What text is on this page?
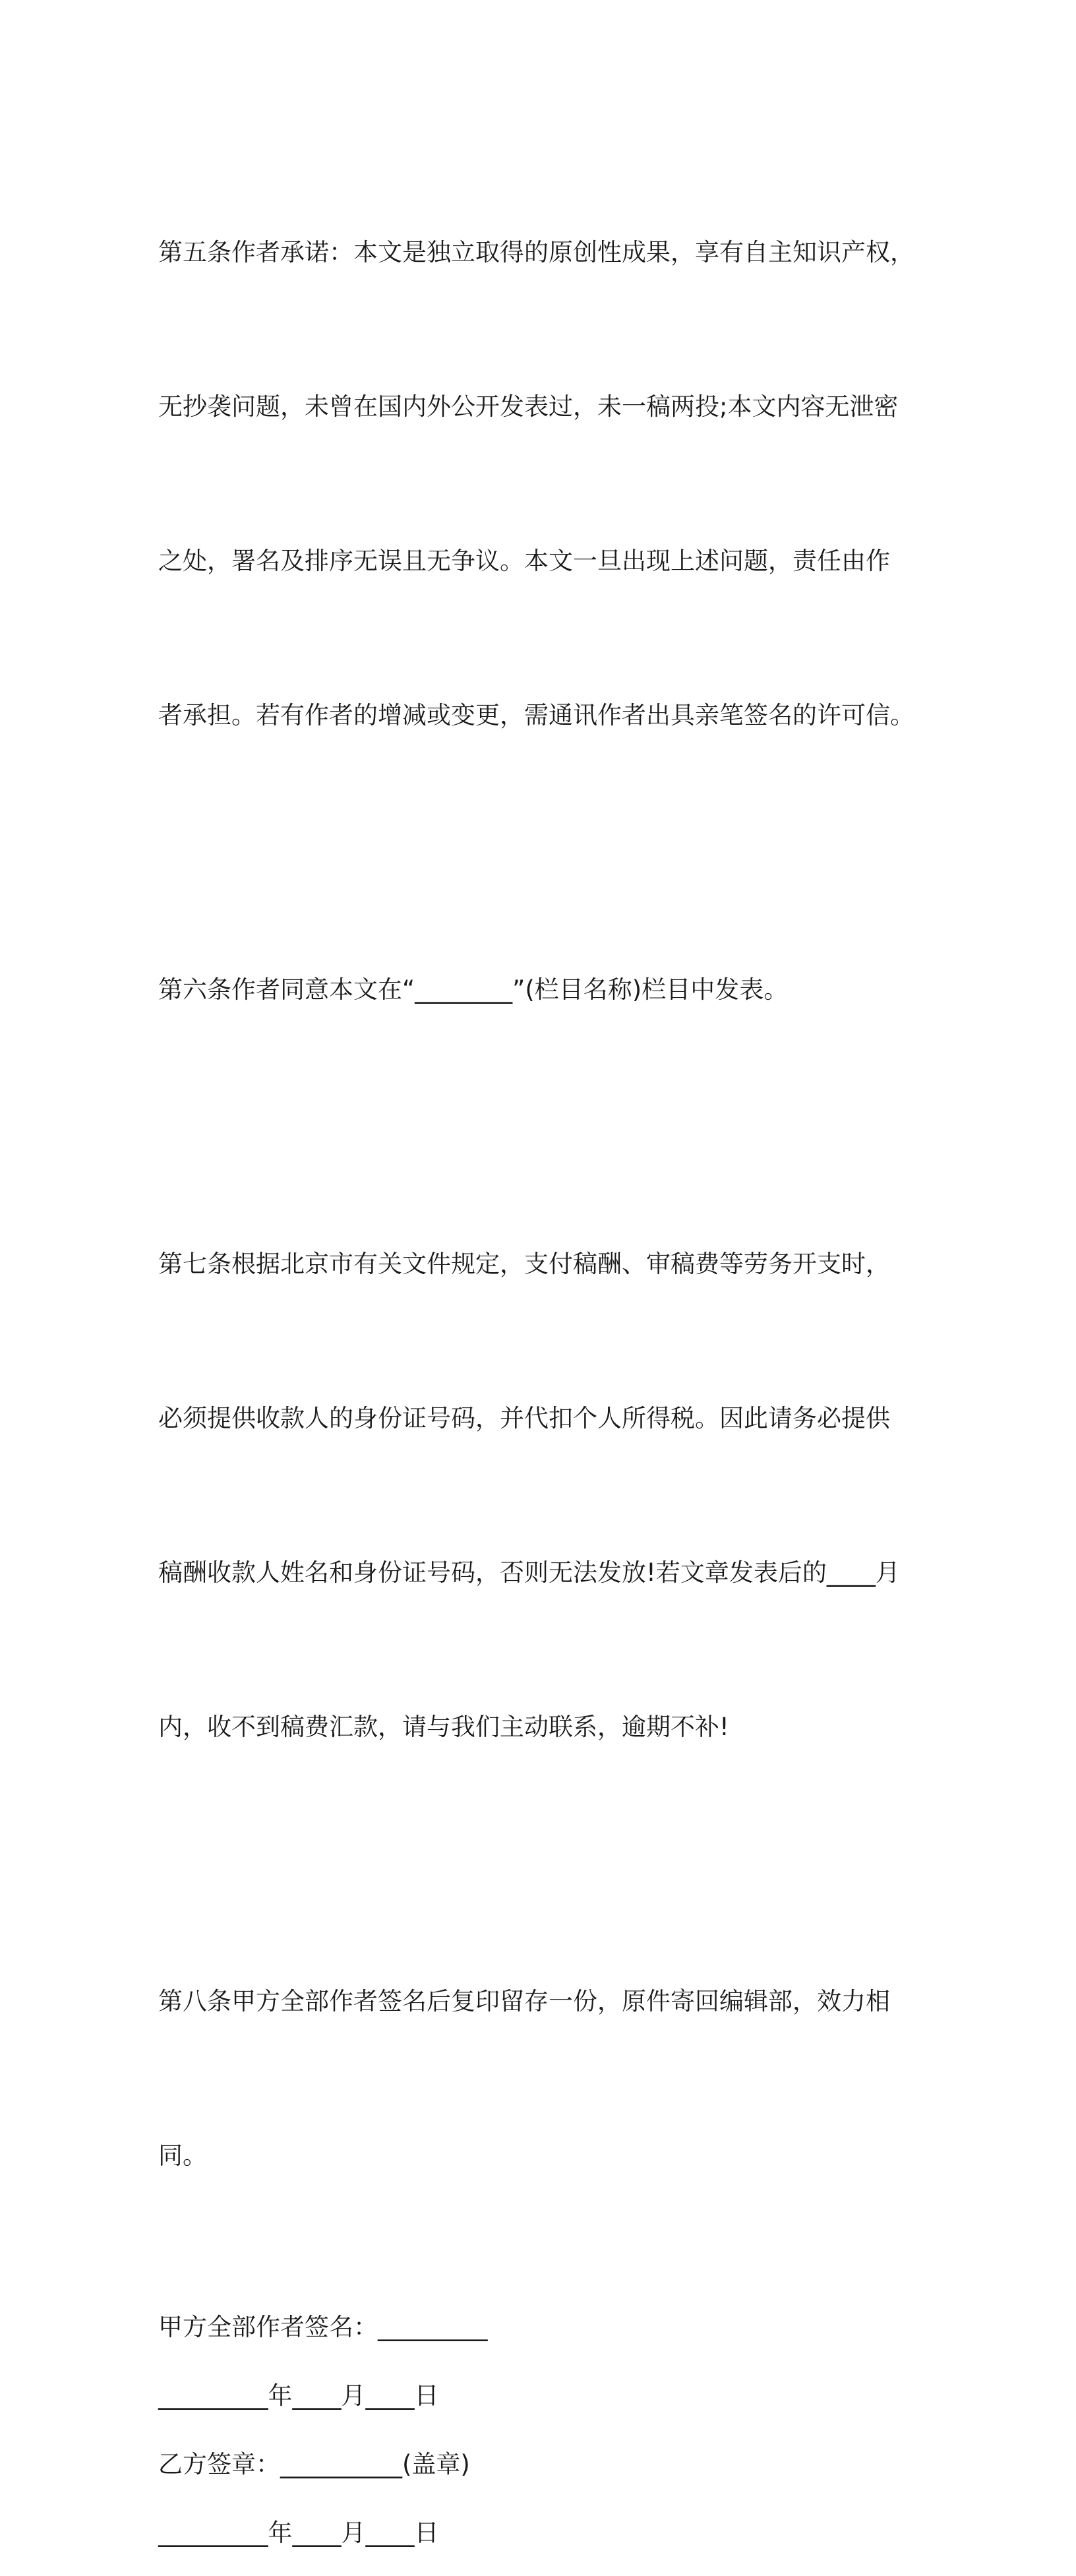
第五条作者承诺：本文是独立取得的原创性成果，享有自主知识产权，

无抄袭问题，未曾在国内外公开发表过，未一稿两投;本文内容无泄密

之处，署名及排序无误且无争议。本文一旦出现上述问题，责任由作

者承担。若有作者的增减或变更，需通讯作者出具亲笔签名的许可信。

第六条作者同意本文在“________”(栏目名称)栏目中发表。

第七条根据北京市有关文件规定，支付稿酬、审稿费等劳务开支时，

必须提供收款人的身份证号码，并代扣个人所得税。因此请务必提供

稿酬收款人姓名和身份证号码，否则无法发放!若文章发表后的____月

内，收不到稿费汇款，请与我们主动联系，逾期不补!

第八条甲方全部作者签名后复印留存一份，原件寄回编辑部，效力相

同。

甲方全部作者签名：_________
_________年____月____日
乙方签章：__________(盖章)
_________年____月____日
